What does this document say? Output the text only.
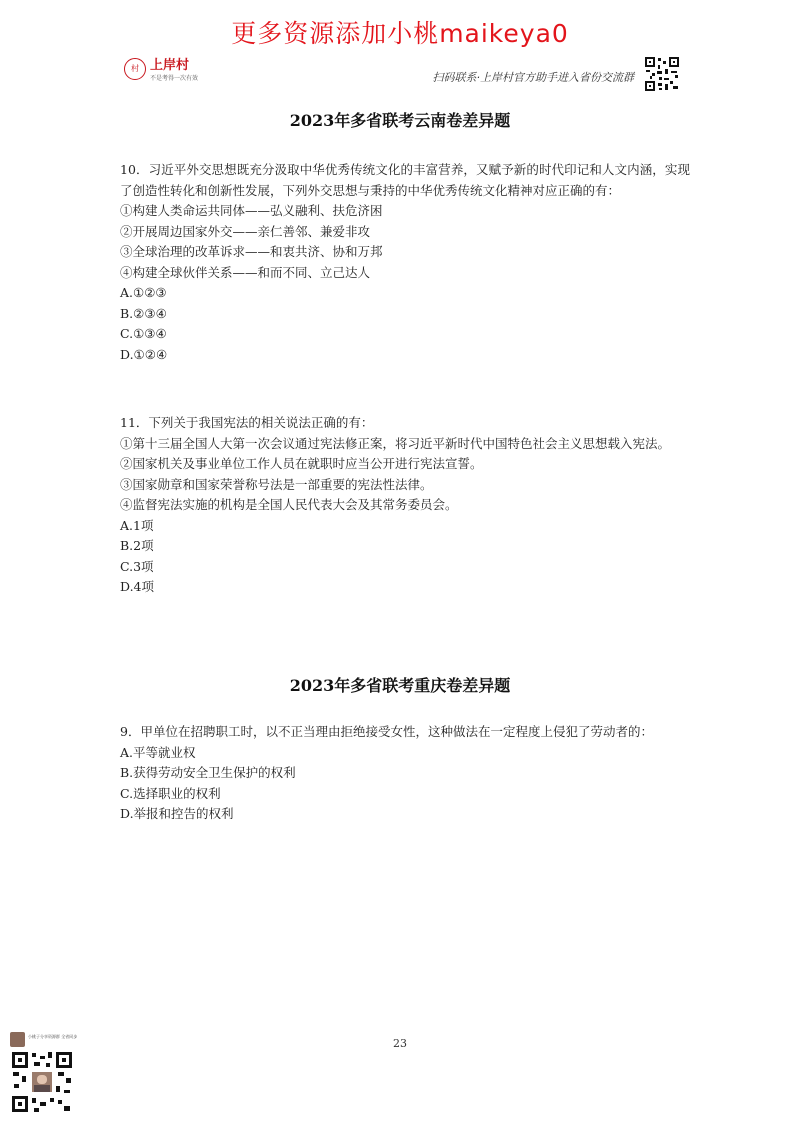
更多资源添加小桃maikeya0
村 上岸村
不是考得一次有效	扫码联系·上岸村官方助手进入省份交流群
2023年多省联考云南卷差异题

10．习近平外交思想既充分汲取中华优秀传统文化的丰富营养，又赋予新的时代印记和人文内涵，实现了创造性转化和创新性发展，下列外交思想与秉持的中华优秀传统文化精神对应正确的有：

①构建人类命运共同体——弘义融利、扶危济困

②开展周边国家外交——亲仁善邻、兼爱非攻

③全球治理的改革诉求——和衷共济、协和万邦

④构建全球伙伴关系——和而不同、立己达人

A.①②③

B.②③④

C.①③④

D.①②④

11．下列关于我国宪法的相关说法正确的有：

①第十三届全国人大第一次会议通过宪法修正案，将习近平新时代中国特色社会主义思想载入宪法。

②国家机关及事业单位工作人员在就职时应当公开进行宪法宣誓。

③国家勋章和国家荣誉称号法是一部重要的宪法性法律。

④监督宪法实施的机构是全国人民代表大会及其常务委员会。

A.1项

B.2项

C.3项

D.4项

2023年多省联考重庆卷差异题

9．甲单位在招聘职工时，以不正当理由拒绝接受女性，这种做法在一定程度上侵犯了劳动者的：

A.平等就业权

B.获得劳动安全卫生保护的权利

C.选择职业的权利

D.举报和控告的权利

23
小桃子分享资源群 全省同步
